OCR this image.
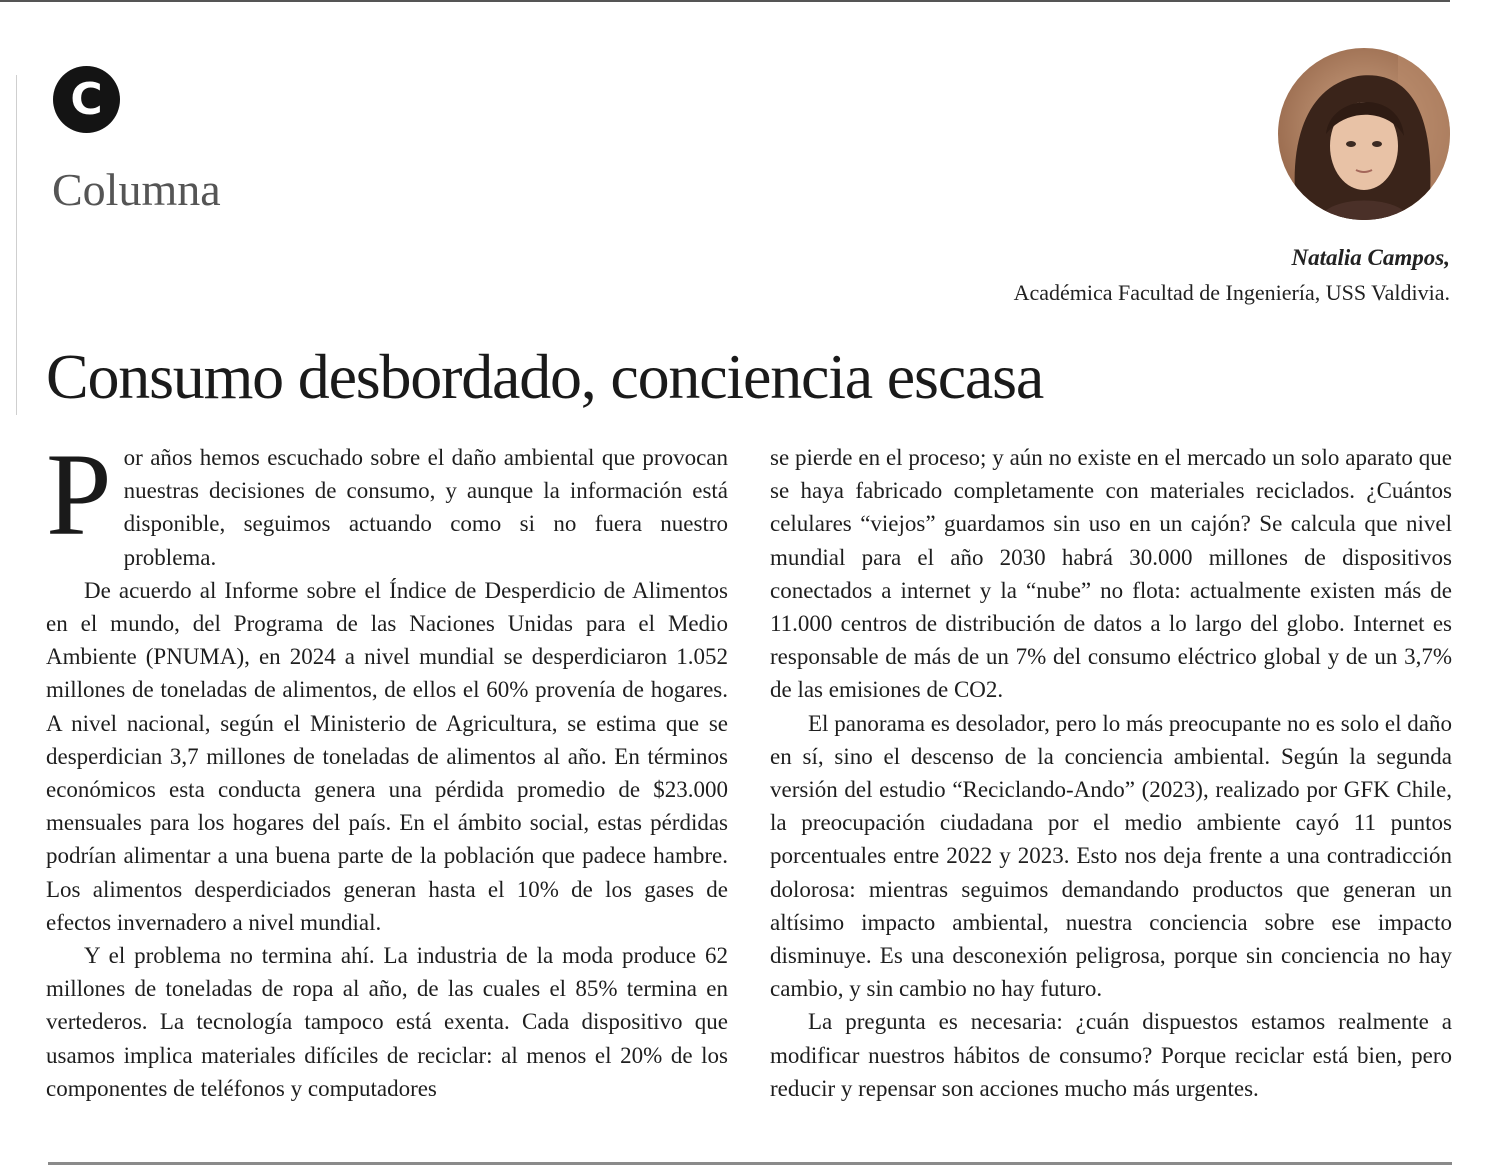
C
Columna
Natalia Campos,
Académica Facultad de Ingeniería, USS Valdivia.
Consumo desbordado, conciencia escasa

Por años hemos escuchado sobre el daño ambiental que provocan nuestras decisiones de consumo, y aunque la información está disponible, seguimos actuando como si no fuera nuestro problema.

De acuerdo al Informe sobre el Índice de Desperdicio de Alimentos en el mundo, del Programa de las Naciones Unidas para el Medio Ambiente (PNUMA), en 2024 a nivel mundial se desperdiciaron 1.052 millones de toneladas de alimentos, de ellos el 60% provenía de hogares. A nivel nacional, según el Ministerio de Agricultura, se estima que se desperdician 3,7 millones de toneladas de alimentos al año. En términos económicos esta conducta genera una pérdida promedio de $23.000 mensuales para los hogares del país. En el ámbito social, estas pérdidas podrían alimentar a una buena parte de la población que padece hambre. Los alimentos desperdiciados generan hasta el 10% de los gases de efectos invernadero a nivel mundial.

Y el problema no termina ahí. La industria de la moda produce 62 millones de toneladas de ropa al año, de las cuales el 85% termina en vertederos. La tecnología tampoco está exenta. Cada dispositivo que usamos implica materiales difíciles de reciclar: al menos el 20% de los componentes de teléfonos y computadores

se pierde en el proceso; y aún no existe en el mercado un solo aparato que se haya fabricado completamente con materiales reciclados. ¿Cuántos celulares “viejos” guardamos sin uso en un cajón? Se calcula que nivel mundial para el año 2030 habrá 30.000 millones de dispositivos conectados a internet y la “nube” no flota: actualmente existen más de 11.000 centros de distribución de datos a lo largo del globo. Internet es responsable de más de un 7% del consumo eléctrico global y de un 3,7% de las emisiones de CO2.

El panorama es desolador, pero lo más preocupante no es solo el daño en sí, sino el descenso de la conciencia ambiental. Según la segunda versión del estudio “Reciclando-Ando” (2023), realizado por GFK Chile, la preocupación ciudadana por el medio ambiente cayó 11 puntos porcentuales entre 2022 y 2023. Esto nos deja frente a una contradicción dolorosa: mientras seguimos demandando productos que generan un altísimo impacto ambiental, nuestra conciencia sobre ese impacto disminuye. Es una desconexión peligrosa, porque sin conciencia no hay cambio, y sin cambio no hay futuro.

La pregunta es necesaria: ¿cuán dispuestos estamos realmente a modificar nuestros hábitos de consumo? Porque reciclar está bien, pero reducir y repensar son acciones mucho más urgentes.
